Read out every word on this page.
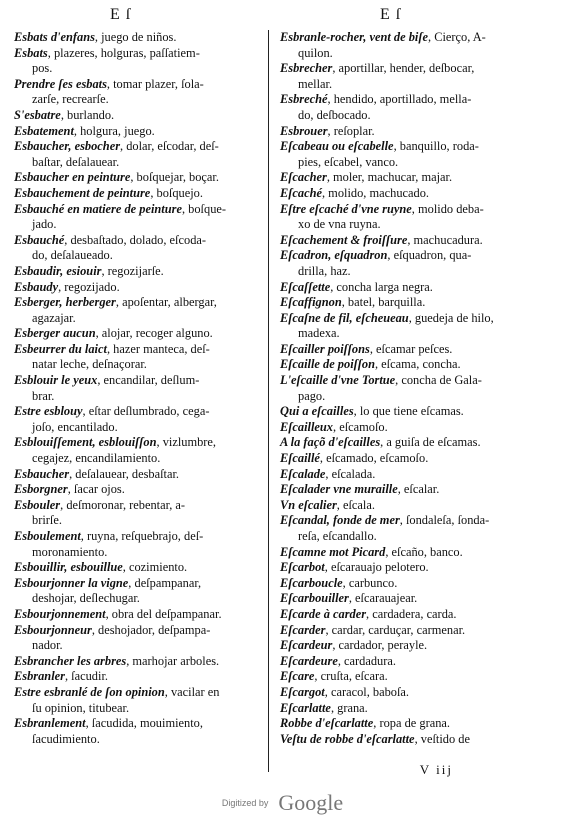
E ſ	E ſ

Esbats d'enfans, juego de niños.

Esbats, plazeres, holguras, paſſatiem-
pos.

Prendre ſes esbats, tomar plazer, ſola-
zarſe, recrearſe.

S'esbatre, burlando.

Esbatement, holgura, juego.

Esbaucher, esbocher, dolar, eſcodar, deſ-
baſtar, deſalauear.

Esbaucher en peinture, boſquejar, boçar.

Esbauchement de peinture, boſquejo.

Esbauché en matiere de peinture, boſque-
jado.

Esbauché, desbaſtado, dolado, eſcoda-
do, deſalaueado.

Esbaudir, esiouir, regozijarſe.

Esbaudy, regozijado.

Esberger, herberger, apoſentar, albergar,
agazajar.

Esberger aucun, alojar, recoger alguno.

Esbeurrer du laict, hazer manteca, deſ-
natar leche, deſnaçorar.

Esblouir le yeux, encandilar, deſlum-
brar.

Estre esblouy, eſtar deſlumbrado, cega-
joſo, encantilado.

Esblouiſſement, esblouiſſon, vizlumbre,
cegajez, encandilamiento.

Esbaucher, deſalauear, desbaſtar.

Esborgner, ſacar ojos.

Esbouler, deſmoronar, rebentar, a-
brirſe.

Esboulement, ruyna, reſquebrajo, deſ-
moronamiento.

Esbouillir, esbouillue, cozimiento.

Esbourjonner la vigne, deſpampanar,
deshojar, deſlechugar.

Esbourjonnement, obra del deſpampanar.

Esbourjonneur, deshojador, deſpampa-
nador.

Esbrancher les arbres, marhojar arboles.

Esbranler, ſacudir.

Estre esbranlé de ſon opinion, vacilar en
ſu opinion, titubear.

Esbranlement, ſacudida, mouimiento,
ſacudimiento.

Esbranle-rocher, vent de biſe, Cierço, A-
quilon.

Esbrecher, aportillar, hender, deſbocar,
mellar.

Esbreché, hendido, aportillado, mella-
do, deſbocado.

Esbrouer, reſoplar.

Eſcabeau ou eſcabelle, banquillo, roda-
pies, eſcabel, vanco.

Eſcacher, moler, machucar, majar.

Eſcaché, molido, machucado.

Eſtre eſcaché d'vne ruyne, molido deba-
xo de vna ruyna.

Eſcachement & froiſſure, machucadura.

Eſcadron, eſquadron, eſquadron, qua-
drilla, haz.

Eſcaſſette, concha larga negra.

Eſcaffignon, batel, barquilla.

Eſcaſne de fil, eſcheueau, guedeja de hilo,
madexa.

Eſcailler poiſſons, eſcamar peſces.

Eſcaille de poiſſon, eſcama, concha.

L'eſcaille d'vne Tortue, concha de Gala-
pago.

Qui a eſcailles, lo que tiene eſcamas.

Eſcailleux, eſcamoſo.

A la façõ d'eſcailles, a guiſa de eſcamas.

Eſcaillé, eſcamado, eſcamoſo.

Eſcalade, eſcalada.

Eſcalader vne muraille, eſcalar.

Vn eſcalier, eſcala.

Eſcandal, fonde de mer, ſondaleſa, ſonda-
reſa, eſcandallo.

Eſcamne mot Picard, eſcaño, banco.

Eſcarbot, eſcarauajo pelotero.

Eſcarboucle, carbunco.

Eſcarbouiller, eſcarauajear.

Eſcarde à carder, cardadera, carda.

Eſcarder, cardar, carduçar, carmenar.

Eſcardeur, cardador, perayle.

Eſcardeure, cardadura.

Eſcare, cruſta, eſcara.

Eſcargot, caracol, baboſa.

Eſcarlatte, grana.

Robbe d'eſcarlatte, ropa de grana.

Veſtu de robbe d'eſcarlatte, veſtido de

V iij
Digitized by Google
